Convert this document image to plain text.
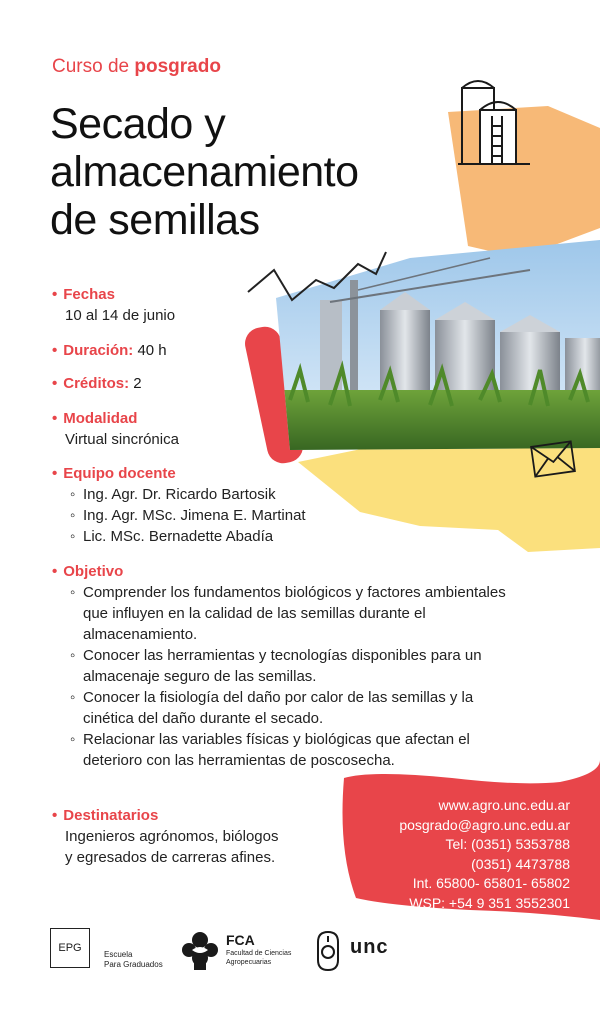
Curso de posgrado
Secado y
almacenamiento
de semillas
• Fechas
10 al 14 de junio
• Duración: 40 h
• Créditos: 2
• Modalidad
Virtual sincrónica
• Equipo docente
◦ Ing. Agr. Dr. Ricardo Bartosik
◦ Ing. Agr. MSc. Jimena E. Martinat
◦ Lic. MSc. Bernadette Abadía
• Objetivo
◦ Comprender los fundamentos biológicos y factores ambientales que influyen en la calidad de las semillas durante el almacenamiento.
◦ Conocer las herramientas y tecnologías disponibles para un almacenaje seguro de las semillas.
◦ Conocer la fisiología del daño por calor de las semillas y la cinética del daño durante el secado.
◦ Relacionar las variables físicas y biológicas que afectan el deterioro con las herramientas de poscosecha.
• Destinatarios
Ingenieros agrónomos, biólogos
y egresados de carreras afines.
www.agro.unc.edu.ar
posgrado@agro.unc.edu.ar
Tel: (0351) 5353788
(0351) 4473788
Int. 65800- 65801- 65802
WSP: +54 9 351 3552301
EPG
Escuela
Para Graduados
FCA
Facultad de Ciencias
Agropecuarias
unc
